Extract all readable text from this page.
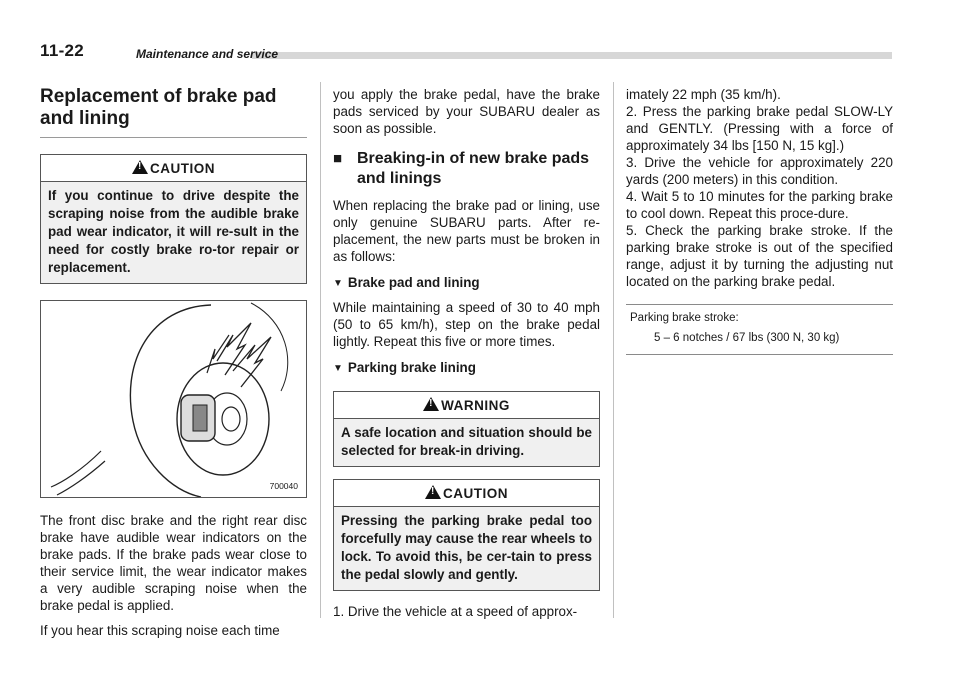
11-22	Maintenance and service
Replacement of brake pad and lining
!
CAUTION
If you continue to drive despite the scraping noise from the audible brake pad wear indicator, it will re-sult in the need for costly brake ro-tor repair or replacement.
700040

The front disc brake and the right rear disc brake have audible wear indicators on the brake pads. If the brake pads wear close to their service limit, the wear indicator makes a very audible scraping noise when the brake pedal is applied.

If you hear this scraping noise each time

you apply the brake pedal, have the brake pads serviced by your SUBARU dealer as soon as possible.

■ Breaking-in of new brake pads and linings

When replacing the brake pad or lining, use only genuine SUBARU parts. After re-placement, the new parts must be broken in as follows:

▼ Brake pad and lining

While maintaining a speed of 30 to 40 mph (50 to 65 km/h), step on the brake pedal lightly. Repeat this five or more times.

▼ Parking brake lining
!
WARNING
A safe location and situation should be selected for break-in driving.
!
CAUTION
Pressing the parking brake pedal too forcefully may cause the rear wheels to lock. To avoid this, be cer-tain to press the pedal slowly and gently.

1. Drive the vehicle at a speed of approx-

imately 22 mph (35 km/h).

2. Press the parking brake pedal SLOW-LY and GENTLY. (Pressing with a force of approximately 34 lbs [150 N, 15 kg].)

3. Drive the vehicle for approximately 220 yards (200 meters) in this condition.

4. Wait 5 to 10 minutes for the parking brake to cool down. Repeat this proce-dure.

5. Check the parking brake stroke. If the parking brake stroke is out of the specified range, adjust it by turning the adjusting nut located on the parking brake pedal.

Parking brake stroke:
5 – 6 notches / 67 lbs (300 N, 30 kg)
